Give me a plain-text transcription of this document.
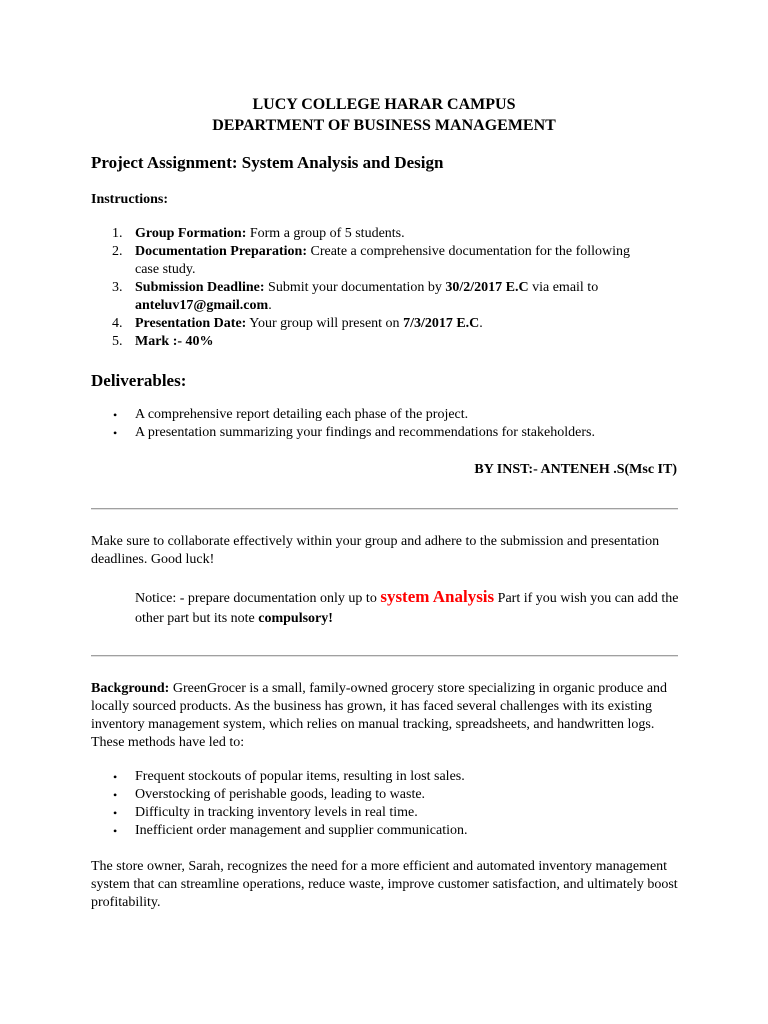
LUCY COLLEGE HARAR CAMPUS
DEPARTMENT OF BUSINESS MANAGEMENT
Project Assignment: System Analysis and Design
Instructions:
1. Group Formation: Form a group of 5 students.
2. Documentation Preparation: Create a comprehensive documentation for the following case study.
3. Submission Deadline: Submit your documentation by 30/2/2017 E.C via email to anteluv17@gmail.com.
4. Presentation Date: Your group will present on 7/3/2017 E.C.
5. Mark :- 40%
Deliverables:
• A comprehensive report detailing each phase of the project.
• A presentation summarizing your findings and recommendations for stakeholders.
BY INST:- ANTENEH .S(Msc IT)
Make sure to collaborate effectively within your group and adhere to the submission and presentation deadlines. Good luck!
Notice: - prepare documentation only up to system Analysis Part if you wish you can add the other part but its note compulsory!
Background: GreenGrocer is a small, family-owned grocery store specializing in organic produce and locally sourced products. As the business has grown, it has faced several challenges with its existing inventory management system, which relies on manual tracking, spreadsheets, and handwritten logs. These methods have led to:
• Frequent stockouts of popular items, resulting in lost sales.
• Overstocking of perishable goods, leading to waste.
• Difficulty in tracking inventory levels in real time.
• Inefficient order management and supplier communication.
The store owner, Sarah, recognizes the need for a more efficient and automated inventory management system that can streamline operations, reduce waste, improve customer satisfaction, and ultimately boost profitability.
